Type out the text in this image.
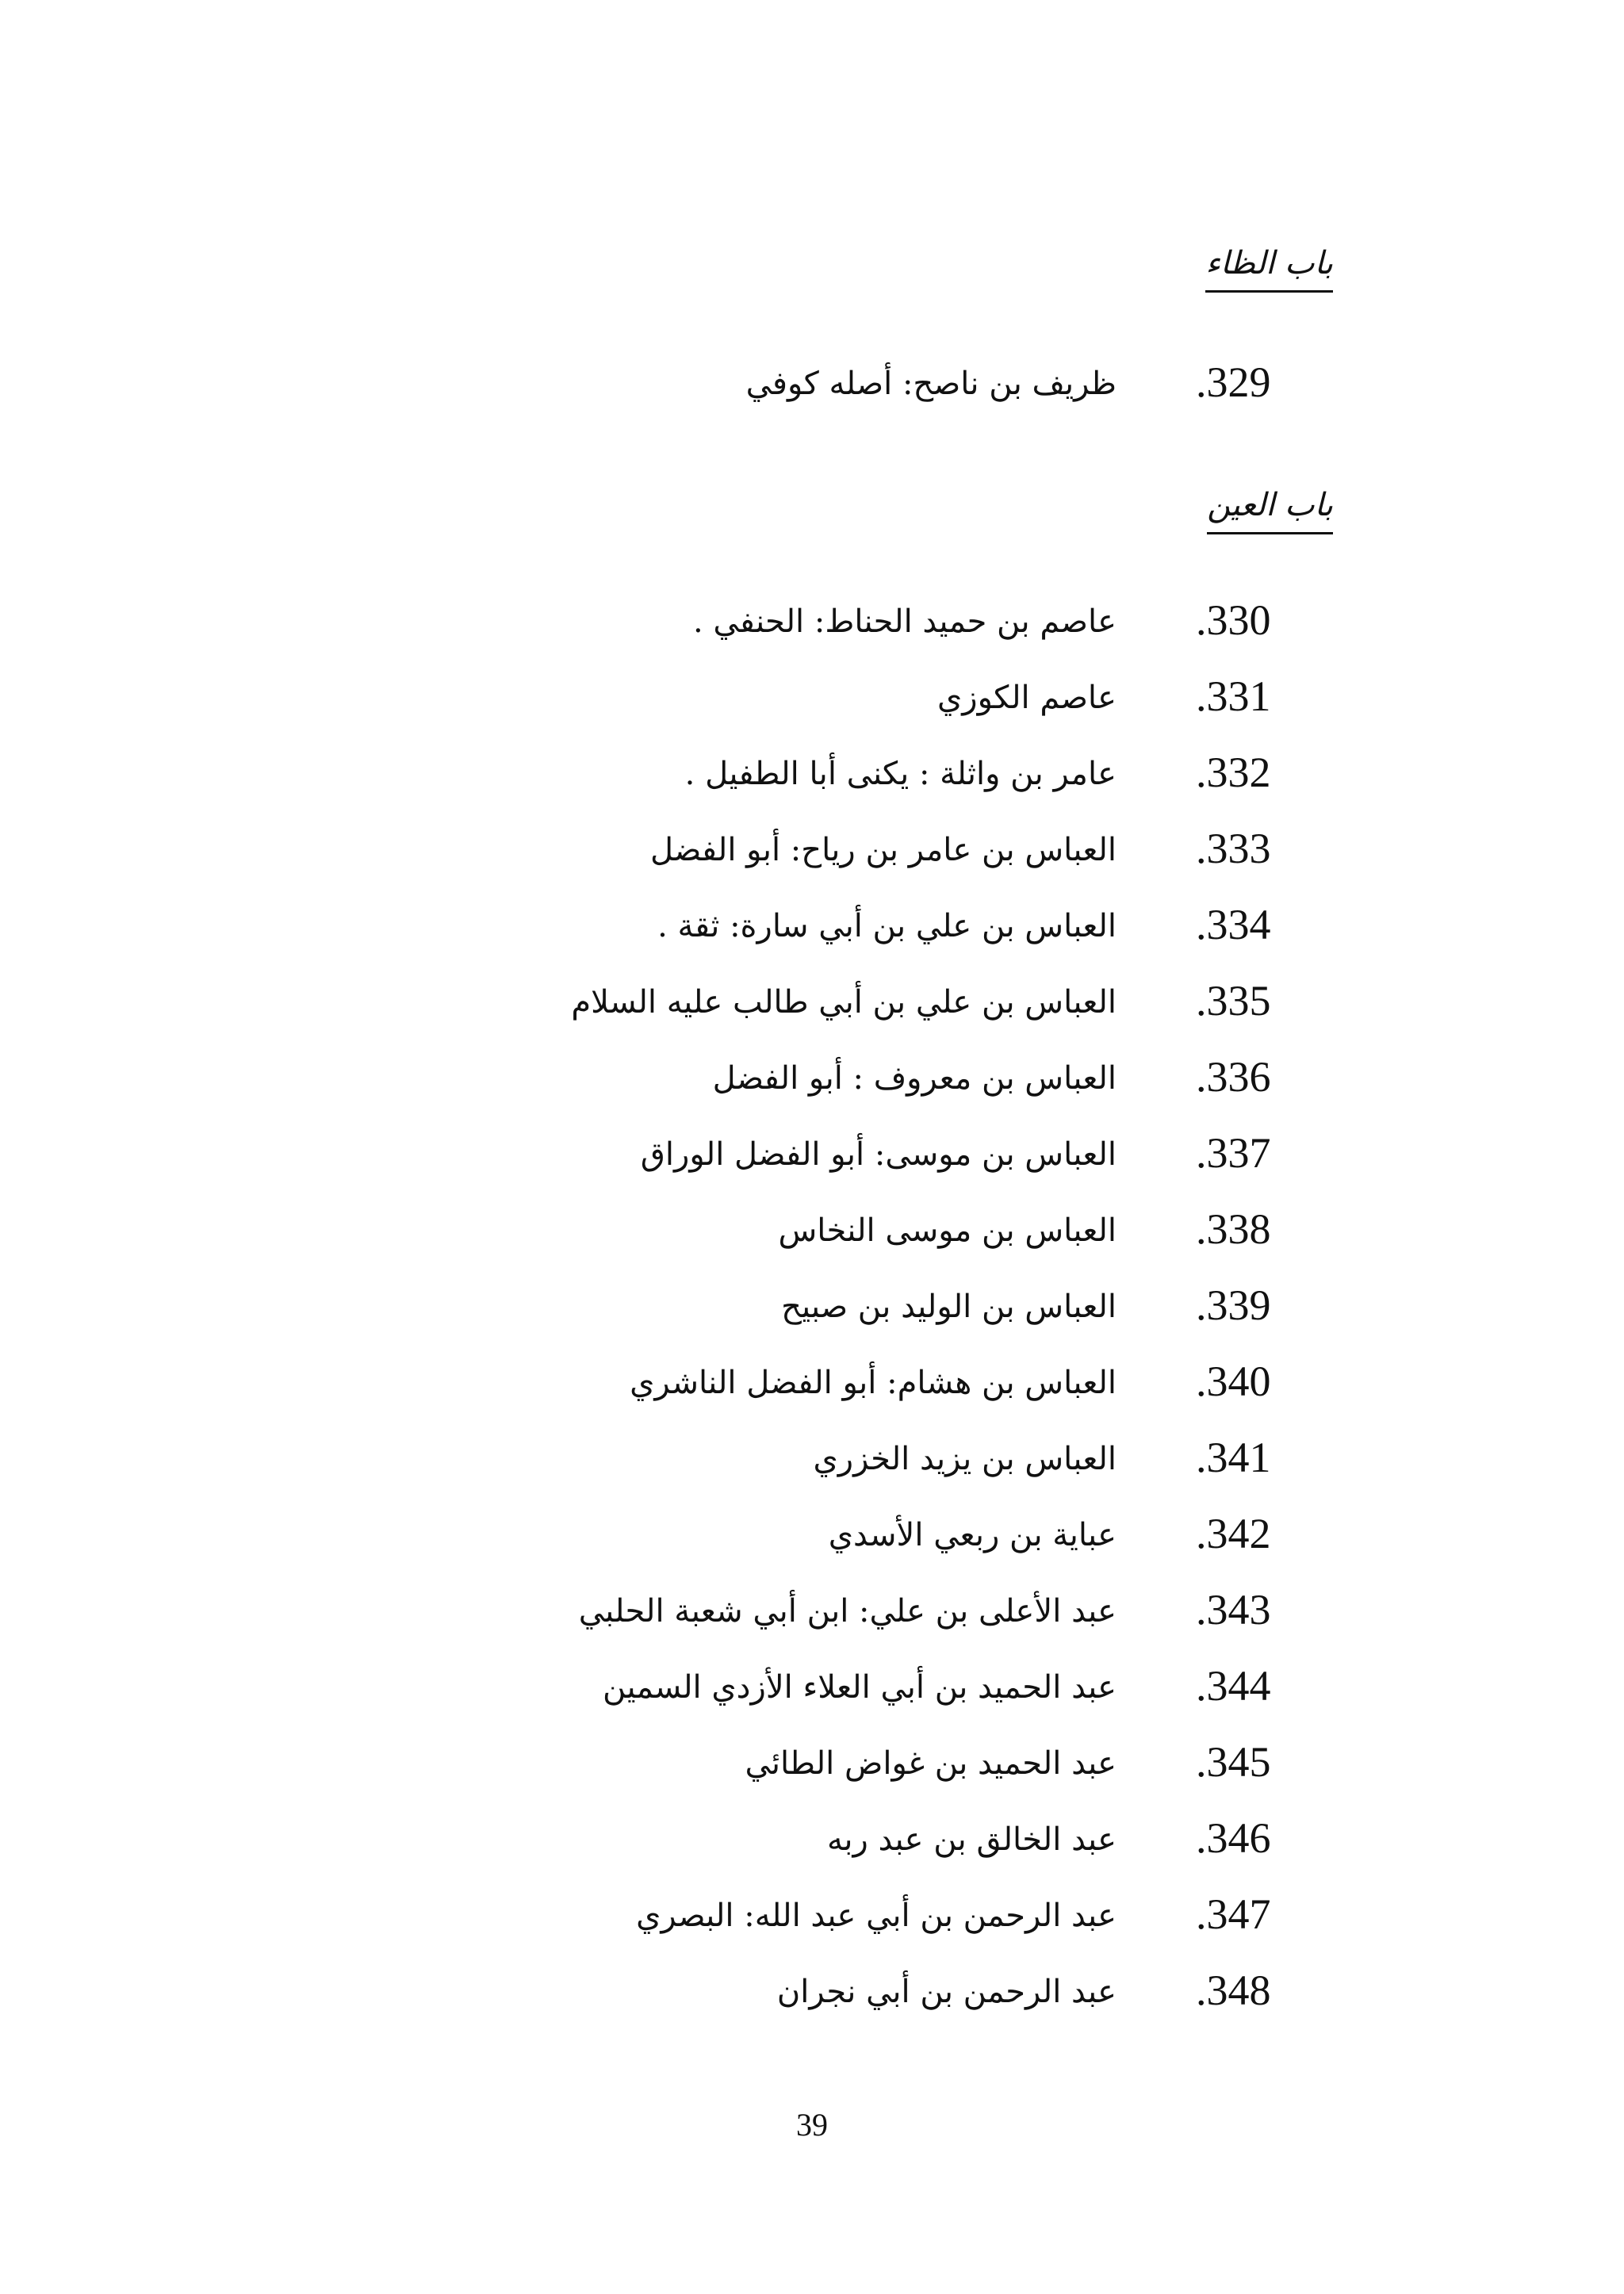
باب الظاء
.329
ظريف بن ناصح: أصله كوفي
باب العين
.330
عاصم بن حميد الحناط: الحنفي .
.331
عاصم الكوزي
.332
عامر بن واثلة : يكنى أبا الطفيل .
.333
العباس بن عامر بن رياح: أبو الفضل
.334
العباس بن علي بن أبي سارة: ثقة .
.335
العباس بن علي بن أبي طالب عليه السلام
.336
العباس بن معروف : أبو الفضل
.337
العباس بن موسى: أبو الفضل الوراق
.338
العباس بن موسى النخاس
.339
العباس بن الوليد بن صبيح
.340
العباس بن هشام: أبو الفضل الناشري
.341
العباس بن يزيد الخزري
.342
عباية بن ربعي الأسدي
.343
عبد الأعلى بن علي: ابن أبي شعبة الحلبي
.344
عبد الحميد بن أبي العلاء الأزدي السمين
.345
عبد الحميد بن غواض الطائي
.346
عبد الخالق بن عبد ربه
.347
عبد الرحمن بن أبي عبد الله: البصري
.348
عبد الرحمن بن أبي نجران
39
